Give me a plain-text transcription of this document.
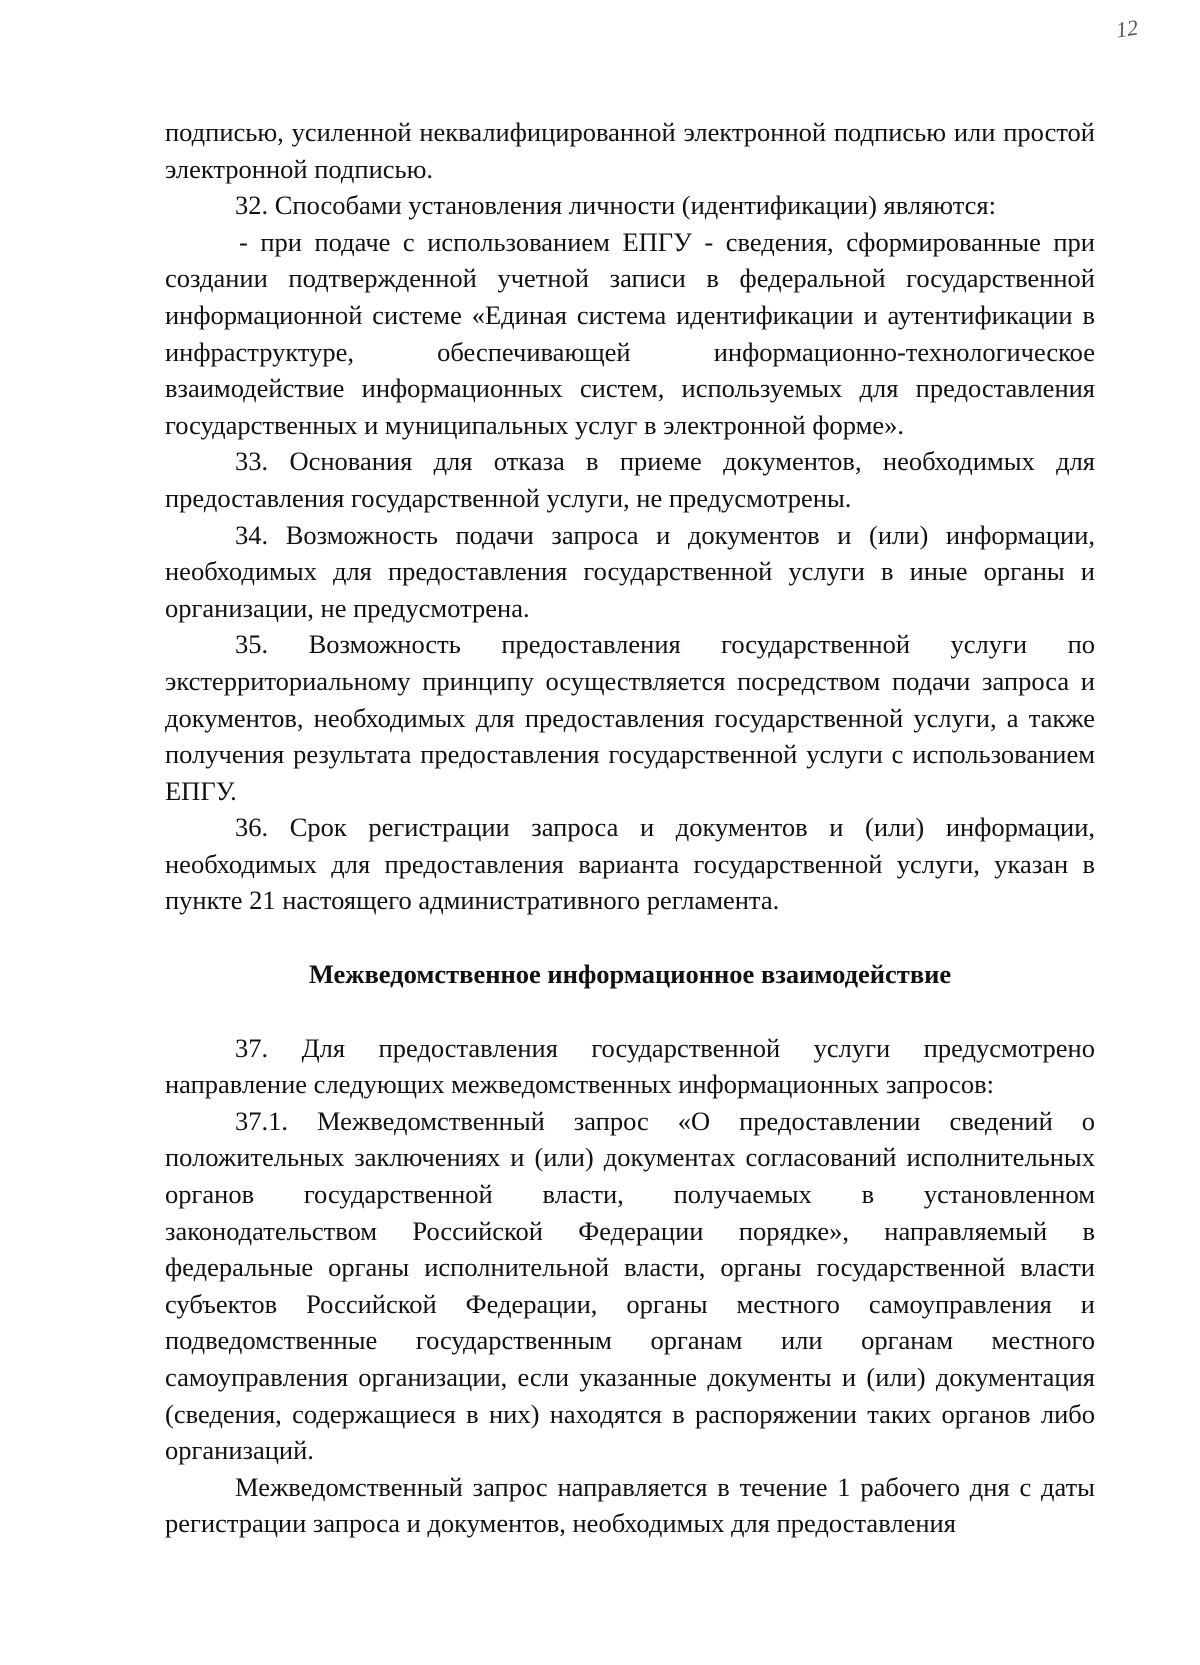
12

подписью, усиленной неквалифицированной электронной подписью или простой электронной подписью.

32. Способами установления личности (идентификации) являются:

- при подаче с использованием ЕПГУ - сведения, сформированные при создании подтвержденной учетной записи в федеральной государственной информационной системе «Единая система идентификации и аутентификации в инфраструктуре, обеспечивающей информационно-технологическое взаимодействие информационных систем, используемых для предоставления государственных и муниципальных услуг в электронной форме».

33. Основания для отказа в приеме документов, необходимых для предоставления государственной услуги, не предусмотрены.

34. Возможность подачи запроса и документов и (или) информации, необходимых для предоставления государственной услуги в иные органы и организации, не предусмотрена.

35. Возможность предоставления государственной услуги по экстерриториальному принципу осуществляется посредством подачи запроса и документов, необходимых для предоставления государственной услуги, а также получения результата предоставления государственной услуги с использованием ЕПГУ.

36. Срок регистрации запроса и документов и (или) информации, необходимых для предоставления варианта государственной услуги, указан в пункте 21 настоящего административного регламента.

Межведомственное информационное взаимодействие

37. Для предоставления государственной услуги предусмотрено направление следующих межведомственных информационных запросов:

37.1. Межведомственный запрос «О предоставлении сведений о положительных заключениях и (или) документах согласований исполнительных органов государственной власти, получаемых в установленном законодательством Российской Федерации порядке», направляемый в федеральные органы исполнительной власти, органы государственной власти субъектов Российской Федерации, органы местного самоуправления и подведомственные государственным органам или органам местного самоуправления организации, если указанные документы и (или) документация (сведения, содержащиеся в них) находятся в распоряжении таких органов либо организаций.

Межведомственный запрос направляется в течение 1 рабочего дня с даты регистрации запроса и документов, необходимых для предоставления
